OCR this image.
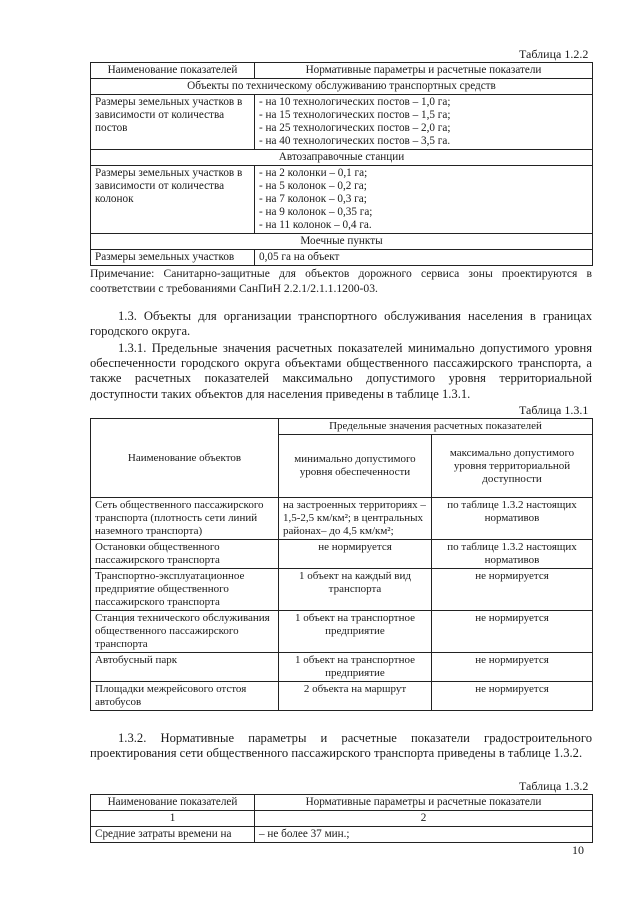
Таблица 1.2.2
Наименование показателей	Нормативные параметры и расчетные показатели
Объекты по техническому обслуживанию транспортных средств	
Размеры земельных участков в зависимости от количества постов	- на 10 технологических постов – 1,0 га;
- на 15 технологических постов – 1,5 га;
- на 25 технологических постов – 2,0 га;
- на 40 технологических постов – 3,5 га.

Автозаправочные станции	
Размеры земельных участков в зависимости от количества колонок	- на 2 колонки – 0,1 га;
- на 5 колонок – 0,2 га;
- на 7 колонок – 0,3 га;
- на 9 колонок – 0,35 га;
- на 11 колонок – 0,4 га.

Моечные пункты	
Размеры земельных участков	0,05 га на объект
Примечание: Санитарно-защитные для объектов дорожного сервиса зоны проектируются в соответствии с требованиями СанПиН 2.2.1/2.1.1.1200-03.
1.3. Объекты для организации транспортного обслуживания населения в границах городского округа.
1.3.1. Предельные значения расчетных показателей минимально допустимого уровня обеспеченности городского округа объектами общественного пассажирского транспорта, а также расчетных показателей максимально допустимого уровня территориальной доступности таких объектов для населения приведены в таблице 1.3.1.
Таблица 1.3.1
Наименование объектов	Предельные значения расчетных показателей	
	минимально допустимого уровня обеспеченности	максимально допустимого уровня территориальной доступности
Сеть общественного пассажирского транспорта (плотность сети линий наземного транспорта)	на застроенных территориях – 1,5-2,5 км/км²; в центральных районах– до 4,5 км/км²;	по таблице 1.3.2 настоящих нормативов
Остановки общественного пассажирского транспорта	не нормируется	по таблице 1.3.2 настоящих нормативов
Транспортно-эксплуатационное предприятие общественного пассажирского транспорта	1 объект на каждый вид транспорта	не нормируется
Станция технического обслуживания общественного пассажирского транспорта	1 объект на транспортное предприятие	не нормируется
Автобусный парк	1 объект на транспортное предприятие	не нормируется
Площадки межрейсового отстоя автобусов	2 объекта на маршрут	не нормируется
1.3.2. Нормативные параметры и расчетные показатели градостроительного проектирования сети общественного пассажирского транспорта приведены в таблице 1.3.2.
Таблица 1.3.2
Наименование показателей	Нормативные параметры и расчетные показатели
1	2
Средние затраты времени на	– не более 37 мин.;
10
